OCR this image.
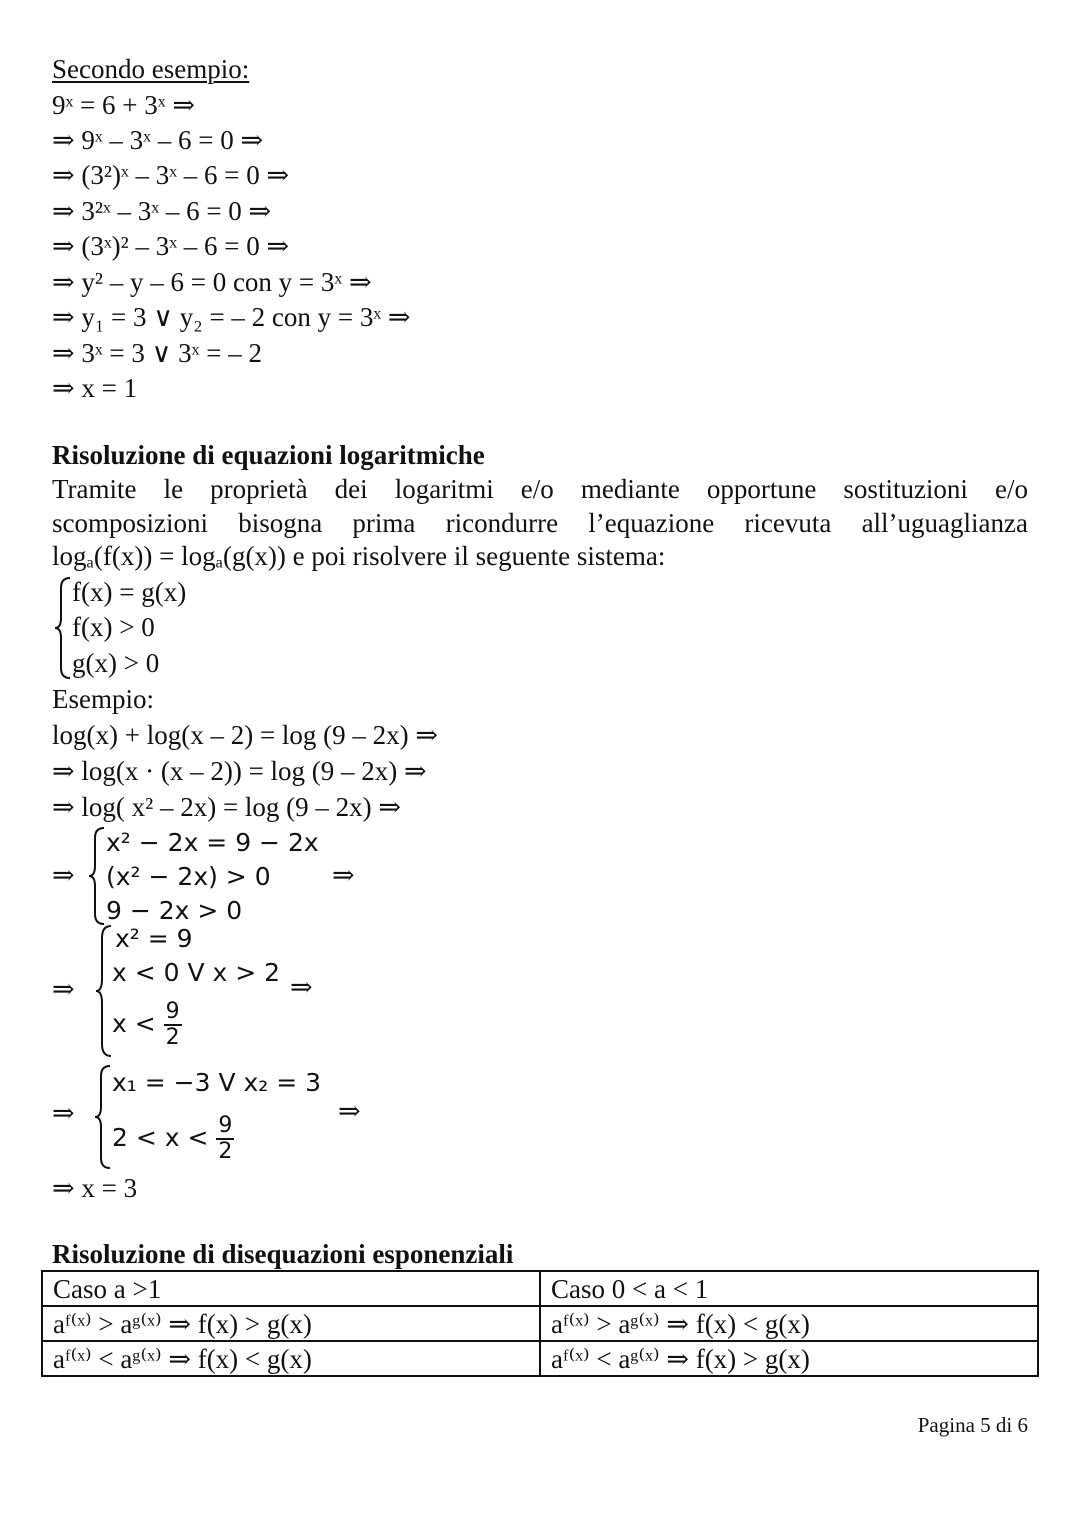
Secondo esempio:
9ˣ = 6 + 3ˣ ⇒
⇒ 9ˣ – 3ˣ – 6 = 0 ⇒
⇒ (3²)ˣ – 3ˣ – 6 = 0 ⇒
⇒ 3²ˣ – 3ˣ – 6 = 0 ⇒
⇒ (3ˣ)² – 3ˣ – 6 = 0 ⇒
⇒ y² – y – 6 = 0 con y = 3ˣ ⇒
⇒ y₁ = 3 ∨ y₂ = – 2 con y = 3ˣ ⇒
⇒ 3ˣ = 3 ∨ 3ˣ = – 2
⇒ x = 1
Risoluzione di equazioni logaritmiche
Tramite le proprietà dei logaritmi e/o mediante opportune sostituzioni e/o
scomposizioni bisogna prima ricondurre l’equazione ricevuta all’uguaglianza
logₐ(f(x)) = logₐ(g(x)) e poi risolvere il seguente sistema:
f(x) = g(x)
f(x) > 0
g(x) > 0
Esempio:
log(x) + log(x – 2) = log (9 – 2x) ⇒
⇒ log(x · (x – 2)) = log (9 – 2x) ⇒
⇒ log( x² – 2x) = log (9 – 2x) ⇒
⇒
x² − 2x = 9 − 2x
(x² − 2x) > 0
9 − 2x > 0
⇒
⇒
x² = 9
x < 0 V x > 2
$x < \frac{9}{2}$
⇒
⇒
x₁ = −3 V x₂ = 3
$2 < x < \frac{9}{2}$
⇒
⇒ x = 3
Risoluzione di disequazioni esponenziali
Caso a >1	Caso 0 < a < 1
aᶠ⁽ˣ⁾ > aᵍ⁽ˣ⁾ ⇒ f(x) > g(x)	aᶠ⁽ˣ⁾ > aᵍ⁽ˣ⁾ ⇒ f(x) < g(x)
aᶠ⁽ˣ⁾ < aᵍ⁽ˣ⁾ ⇒ f(x) < g(x)	aᶠ⁽ˣ⁾ < aᵍ⁽ˣ⁾ ⇒ f(x) > g(x)
Pagina 5 di 6
